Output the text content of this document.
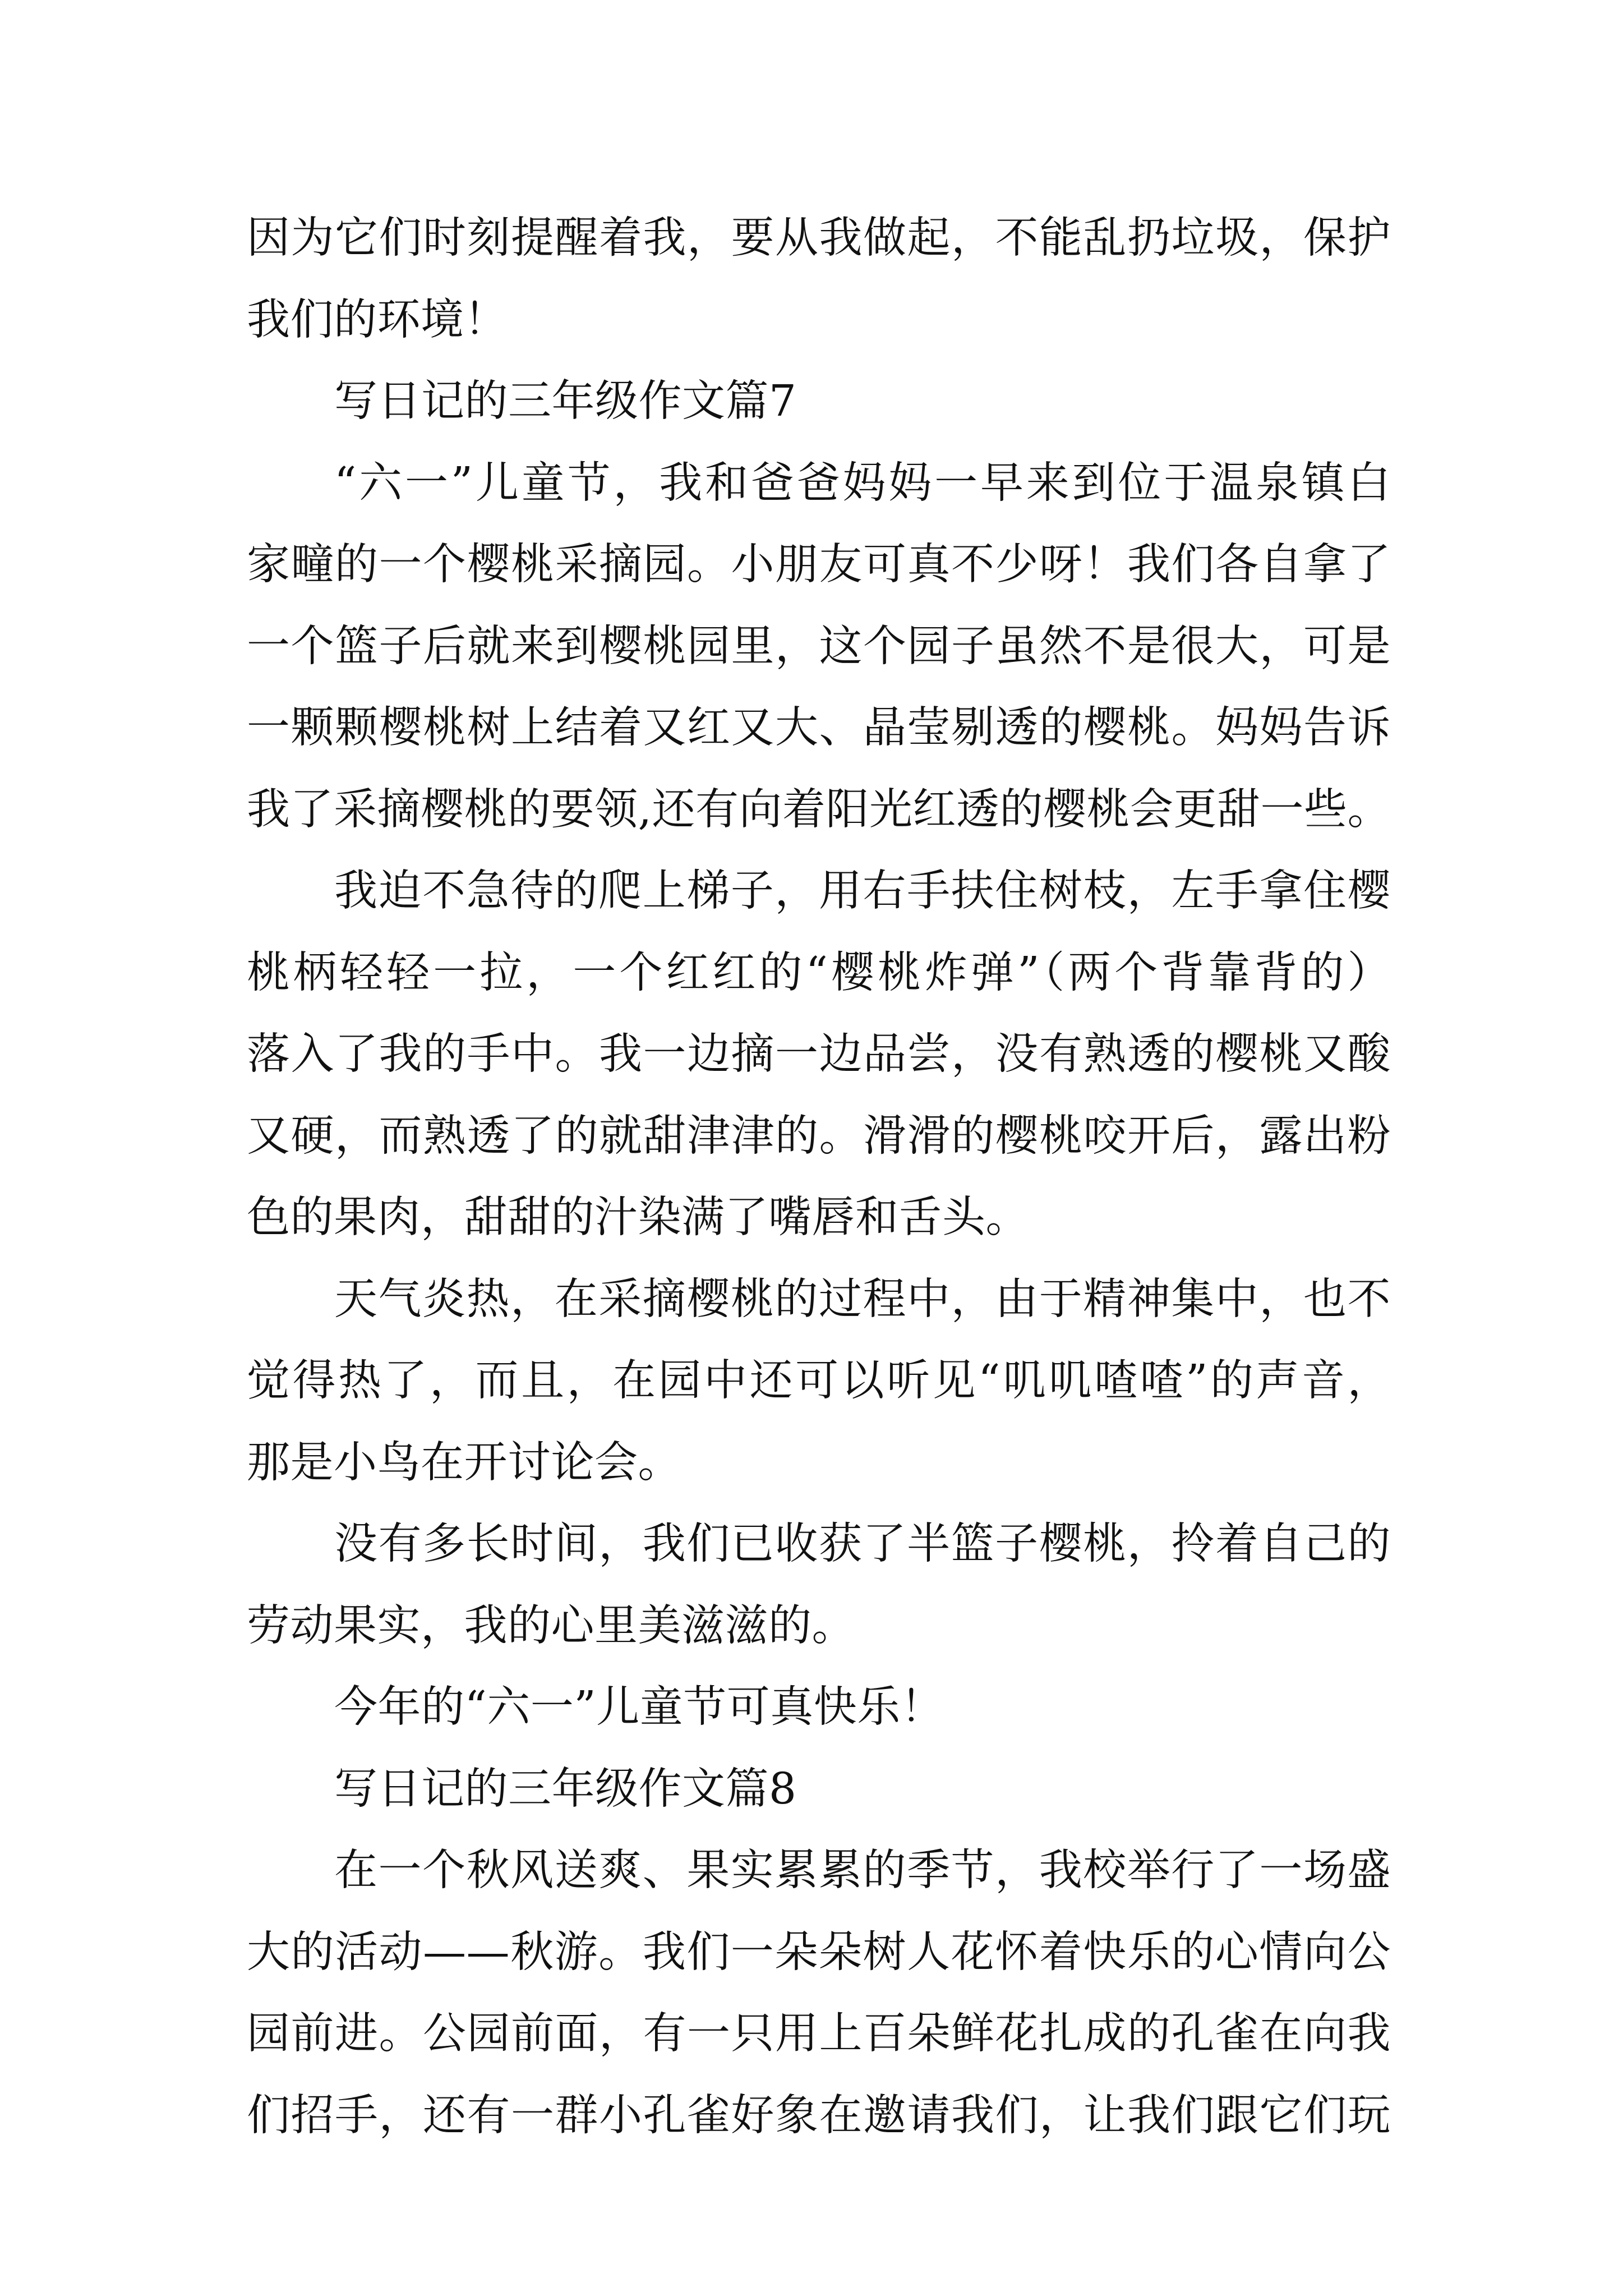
因为它们时刻提醒着我，要从我做起，不能乱扔垃圾，保护
我们的环境！
写日记的三年级作文篇7
“六一”儿童节，我和爸爸妈妈一早来到位于温泉镇白
家疃的一个樱桃采摘园。小朋友可真不少呀！我们各自拿了
一个篮子后就来到樱桃园里，这个园子虽然不是很大，可是
一颗颗樱桃树上结着又红又大、晶莹剔透的樱桃。妈妈告诉
我了采摘樱桃的要领,还有向着阳光红透的樱桃会更甜一些。
我迫不急待的爬上梯子，用右手扶住树枝，左手拿住樱
桃柄轻轻一拉，一个红红的“樱桃炸弹”（两个背靠背的）
落入了我的手中。我一边摘一边品尝，没有熟透的樱桃又酸
又硬，而熟透了的就甜津津的。滑滑的樱桃咬开后，露出粉
色的果肉，甜甜的汁染满了嘴唇和舌头。
天气炎热，在采摘樱桃的过程中，由于精神集中，也不
觉得热了，而且，在园中还可以听见“叽叽喳喳”的声音，
那是小鸟在开讨论会。
没有多长时间，我们已收获了半篮子樱桃，拎着自己的
劳动果实，我的心里美滋滋的。
今年的“六一”儿童节可真快乐！
写日记的三年级作文篇8
在一个秋风送爽、果实累累的季节，我校举行了一场盛
大的活动——秋游。我们一朵朵树人花怀着快乐的心情向公
园前进。公园前面，有一只用上百朵鲜花扎成的孔雀在向我
们招手，还有一群小孔雀好象在邀请我们，让我们跟它们玩
